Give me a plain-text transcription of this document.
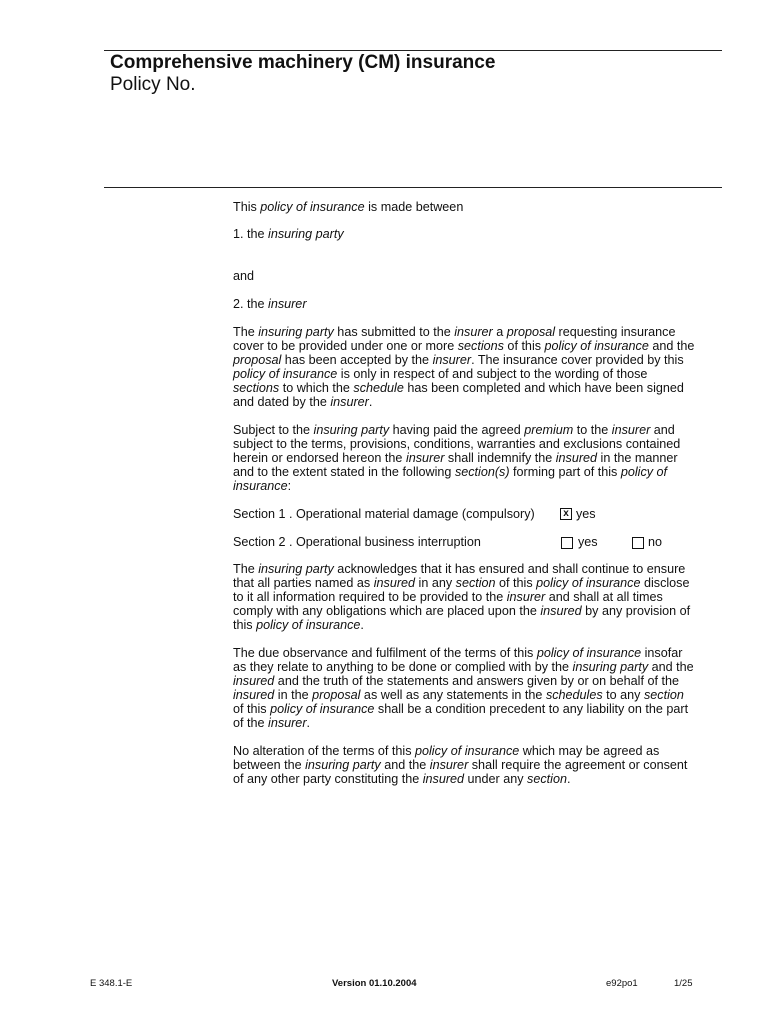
Comprehensive machinery (CM) insurance
Policy No.
This policy of insurance is made between
1. the insuring party
and
2. the insurer
The insuring party has submitted to the insurer a proposal requesting insurance
cover to be provided under one or more sections of this policy of insurance and the
proposal has been accepted by the insurer. The insurance cover provided by this
policy of insurance is only in respect of and subject to the wording of those
sections to which the schedule has been completed and which have been signed
and dated by the insurer.
Subject to the insuring party having paid the agreed premium to the insurer and
subject to the terms, provisions, conditions, warranties and exclusions contained
herein or endorsed hereon the insurer shall indemnify the insured in the manner
and to the extent stated in the following section(s) forming part of this policy of
insurance:
Section 1 . Operational material damage (compulsory)	x yes
Section 2 . Operational business interruption	yes	no
The insuring party acknowledges that it has ensured and shall continue to ensure
that all parties named as insured in any section of this policy of insurance disclose
to it all information required to be provided to the insurer and shall at all times
comply with any obligations which are placed upon the insured by any provision of
this policy of insurance.
The due observance and fulfilment of the terms of this policy of insurance insofar
as they relate to anything to be done or complied with by the insuring party and the
insured and the truth of the statements and answers given by or on behalf of the
insured in the proposal as well as any statements in the schedules to any section
of this policy of insurance shall be a condition precedent to any liability on the part
of the insurer.
No alteration of the terms of this policy of insurance which may be agreed as
between the insuring party and the insurer shall require the agreement or consent
of any other party constituting the insured under any section.
E 348.1-E	Version 01.10.2004	e92po1	1/25
